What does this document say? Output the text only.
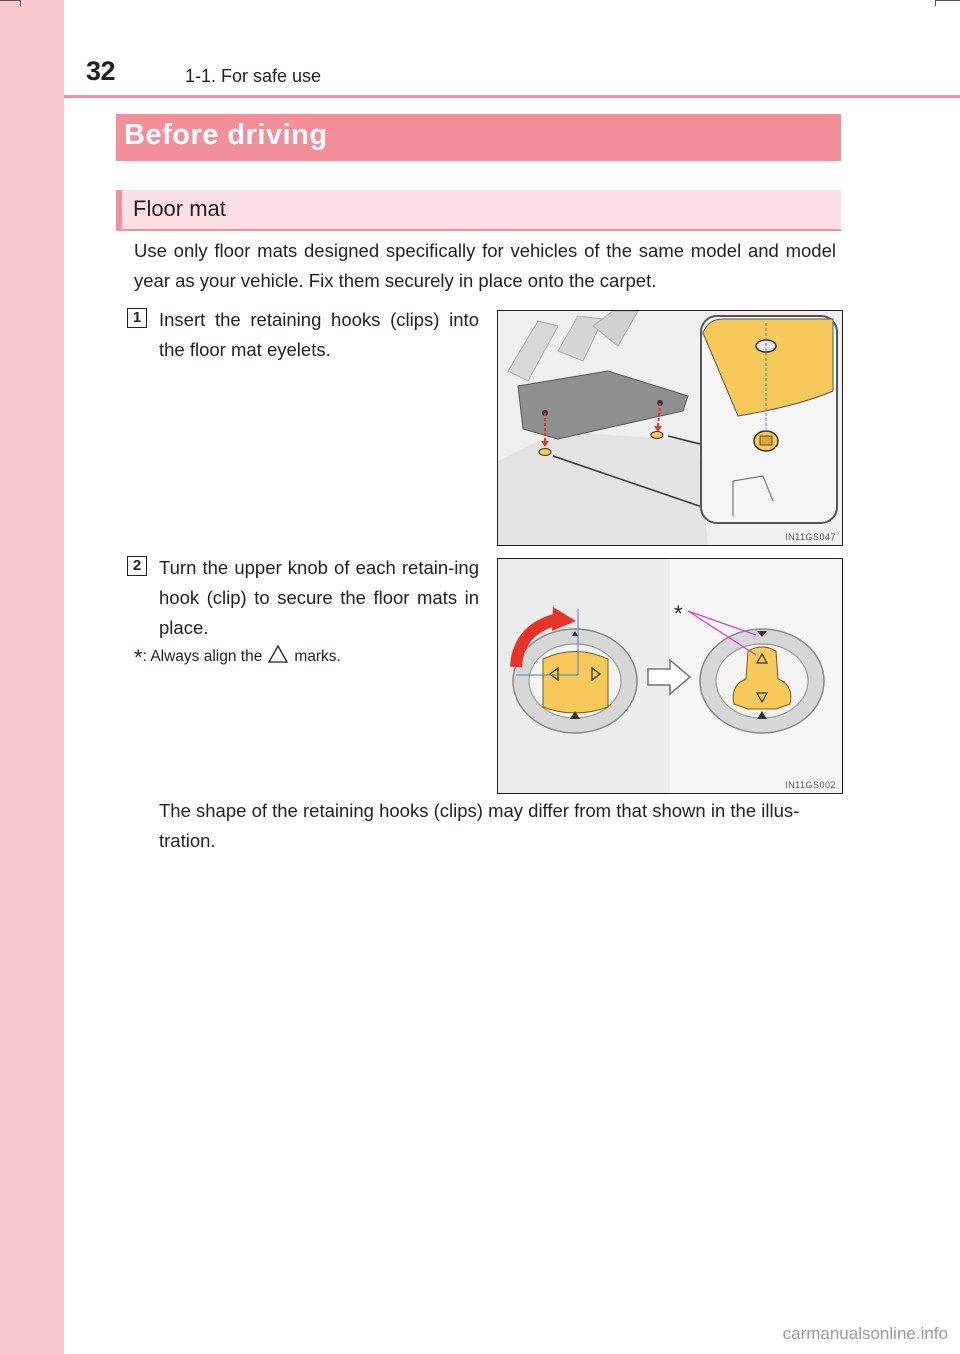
32	1-1. For safe use
Before driving
Floor mat
Use only floor mats designed specifically for vehicles of the same model and model year as your vehicle. Fix them securely in place onto the carpet.
1 Insert the retaining hooks (clips) into the floor mat eyelets.
IN11GS047
2 Turn the upper knob of each retain-ing hook (clip) to secure the floor mats in place.
*: Always align the marks.
*
IN11GS002
The shape of the retaining hooks (clips) may differ from that shown in the illus-tration.
carmanualsonline.info
